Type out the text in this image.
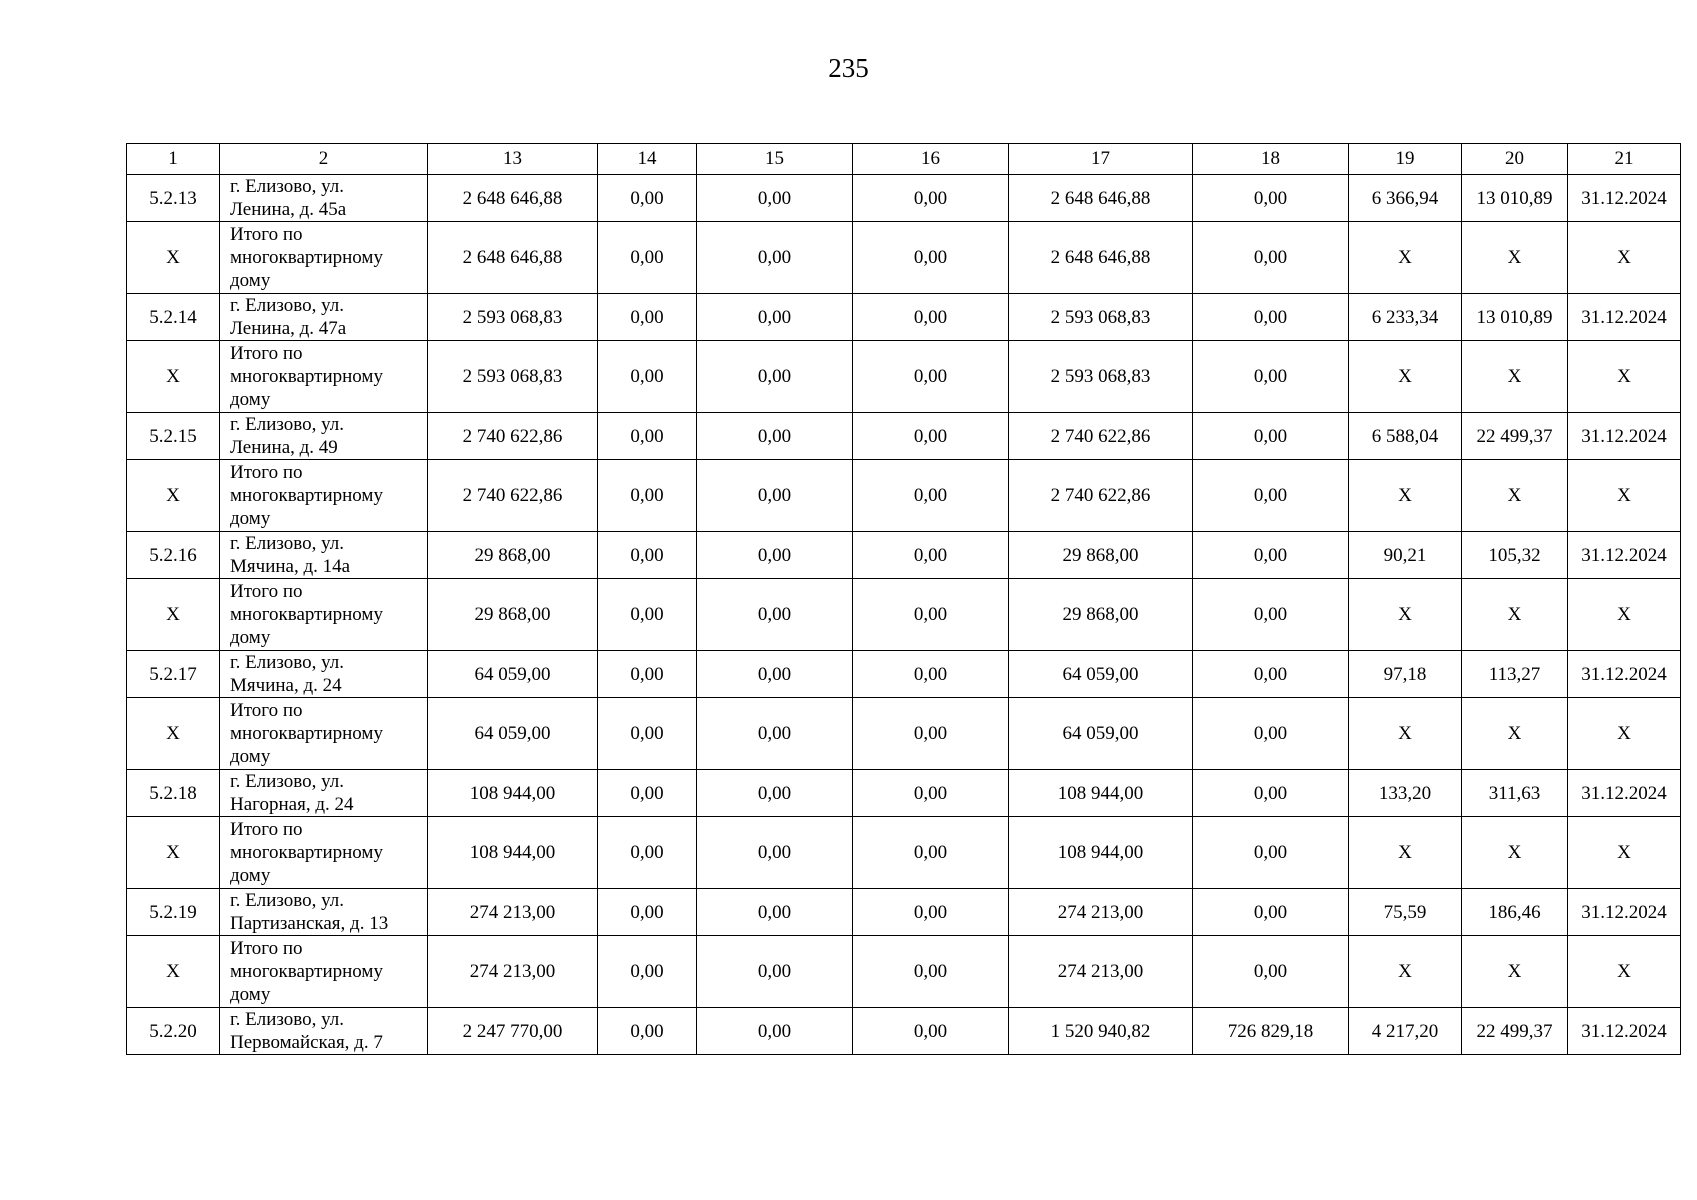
235
1	2	13	14	15	16	17	18	19	20	21
5.2.13	г. Елизово, ул.
Ленина, д. 45а	2 648 646,88	0,00	0,00	0,00	2 648 646,88	0,00	6 366,94	13 010,89	31.12.2024
X	Итого по
многоквартирному
дому	2 648 646,88	0,00	0,00	0,00	2 648 646,88	0,00	X	X	X
5.2.14	г. Елизово, ул.
Ленина, д. 47а	2 593 068,83	0,00	0,00	0,00	2 593 068,83	0,00	6 233,34	13 010,89	31.12.2024
X	Итого по
многоквартирному
дому	2 593 068,83	0,00	0,00	0,00	2 593 068,83	0,00	X	X	X
5.2.15	г. Елизово, ул.
Ленина, д. 49	2 740 622,86	0,00	0,00	0,00	2 740 622,86	0,00	6 588,04	22 499,37	31.12.2024
X	Итого по
многоквартирному
дому	2 740 622,86	0,00	0,00	0,00	2 740 622,86	0,00	X	X	X
5.2.16	г. Елизово, ул.
Мячина, д. 14а	29 868,00	0,00	0,00	0,00	29 868,00	0,00	90,21	105,32	31.12.2024
X	Итого по
многоквартирному
дому	29 868,00	0,00	0,00	0,00	29 868,00	0,00	X	X	X
5.2.17	г. Елизово, ул.
Мячина, д. 24	64 059,00	0,00	0,00	0,00	64 059,00	0,00	97,18	113,27	31.12.2024
X	Итого по
многоквартирному
дому	64 059,00	0,00	0,00	0,00	64 059,00	0,00	X	X	X
5.2.18	г. Елизово, ул.
Нагорная, д. 24	108 944,00	0,00	0,00	0,00	108 944,00	0,00	133,20	311,63	31.12.2024
X	Итого по
многоквартирному
дому	108 944,00	0,00	0,00	0,00	108 944,00	0,00	X	X	X
5.2.19	г. Елизово, ул.
Партизанская, д. 13	274 213,00	0,00	0,00	0,00	274 213,00	0,00	75,59	186,46	31.12.2024
X	Итого по
многоквартирному
дому	274 213,00	0,00	0,00	0,00	274 213,00	0,00	X	X	X
5.2.20	г. Елизово, ул.
Первомайская, д. 7	2 247 770,00	0,00	0,00	0,00	1 520 940,82	726 829,18	4 217,20	22 499,37	31.12.2024
